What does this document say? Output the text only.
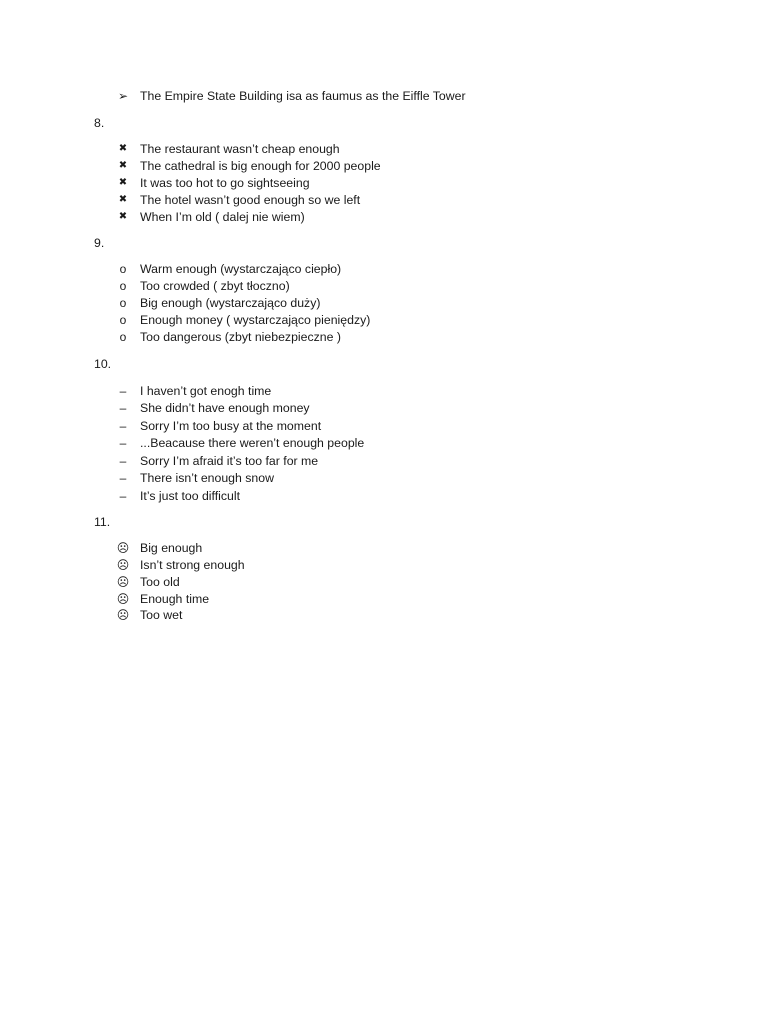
➢ The Empire State Building isa as faumus as the Eiffle Tower
8.
✖ The restaurant wasn’t cheap enough
✖ The cathedral is big enough for 2000 people
✖ It was too hot to go sightseeing
✖ The hotel wasn’t good enough so we left
✖ When I’m old ( dalej nie wiem)
9.
o Warm enough (wystarczająco ciepło)
o Too crowded ( zbyt tłoczno)
o Big enough (wystarczająco duży)
o Enough money ( wystarczająco pieniędzy)
o Too dangerous (zbyt niebezpieczne )
10.
– I haven’t got enogh time
– She didn’t have enough money
– Sorry I’m too busy at the moment
– ...Beacause there weren’t enough people
– Sorry I’m afraid it’s too far for me
– There isn’t enough snow
– It’s just too difficult
11.
☹ Big enough
☹ Isn’t strong enough
☹ Too old
☹ Enough time
☹ Too wet
